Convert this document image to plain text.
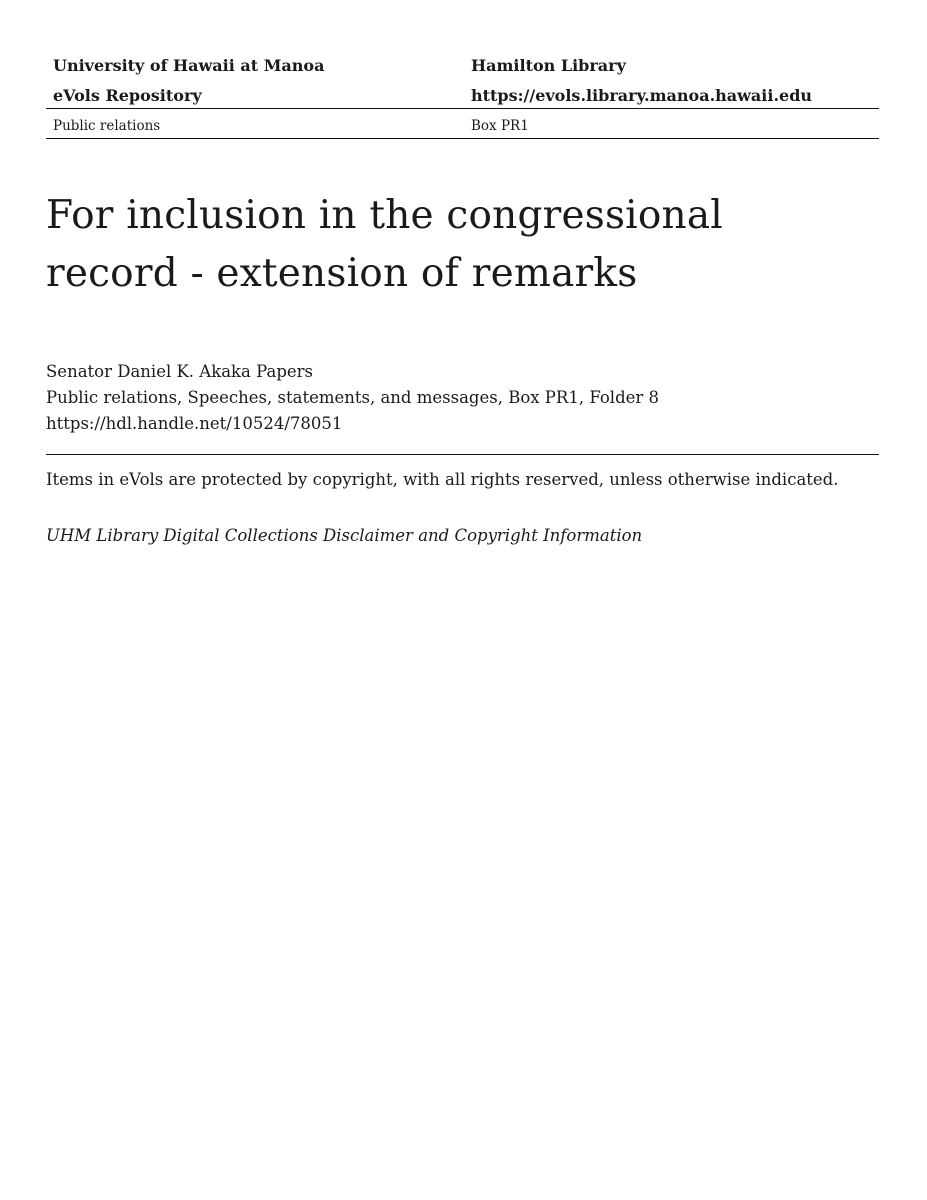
University of Hawaii at Manoa	Hamilton Library
eVols Repository	https://evols.library.manoa.hawaii.edu
Public relations	Box PR1
For inclusion in the congressional
record - extension of remarks
Senator Daniel K. Akaka Papers
Public relations, Speeches, statements, and messages, Box PR1, Folder 8
https://hdl.handle.net/10524/78051
Items in eVols are protected by copyright, with all rights reserved, unless otherwise indicated.
UHM Library Digital Collections Disclaimer and Copyright Information
